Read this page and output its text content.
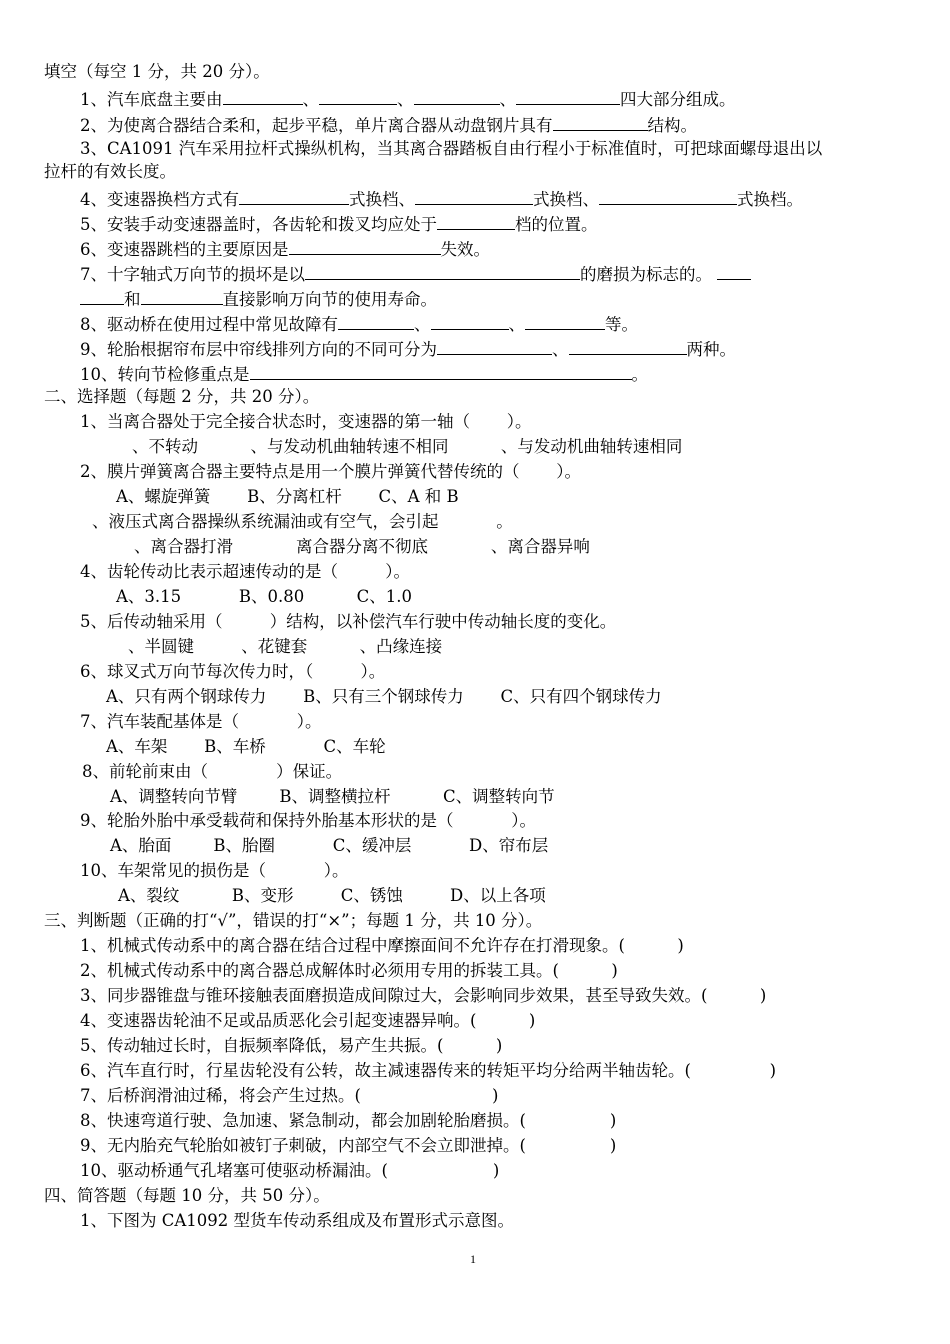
填空（每空 1 分，共 20 分）。
1、汽车底盘主要由	、	、	、	四大部分组成。
2、为使离合器结合柔和，起步平稳，单片离合器从动盘钢片具有	结构。
3、CA1091 汽车采用拉杆式操纵机构，当其离合器踏板自由行程小于标准值时，可把球面螺母退出以
拉杆的有效长度。
4、变速器换档方式有	式换档、	式换档、	式换档。
5、安装手动变速器盖时，各齿轮和拨叉均应处于	档的位置。
6、变速器跳档的主要原因是	失效。
7、十字轴式万向节的损坏是以	的磨损为标志的。
和	直接影响万向节的使用寿命。
8、驱动桥在使用过程中常见故障有	、	、	等。
9、轮胎根据帘布层中帘线排列方向的不同可分为	、	两种。
10、转向节检修重点是	。
二、选择题（每题 2 分，共 20 分）。
1、当离合器处于完全接合状态时，变速器的第一轴（       ）。
、不转动          、与发动机曲轴转速不相同          、与发动机曲轴转速相同
2、膜片弹簧离合器主要特点是用一个膜片弹簧代替传统的（       ）。
A、螺旋弹簧       B、分离杠杆       C、A 和 B
、液压式离合器操纵系统漏油或有空气，会引起           。
、离合器打滑            离合器分离不彻底            、离合器异响
4、齿轮传动比表示超速传动的是（         ）。
A、3.15           B、0.80          C、1.0
5、后传动轴采用（         ）结构，以补偿汽车行驶中传动轴长度的变化。
、半圆键         、花键套          、凸缘连接
6、球叉式万向节每次传力时，（         ）。
A、只有两个钢球传力       B、只有三个钢球传力       C、只有四个钢球传力
7、汽车装配基体是（           ）。
A、车架       B、车桥           C、车轮
8、前轮前束由（             ）保证。
A、调整转向节臂        B、调整横拉杆          C、调整转向节
9、轮胎外胎中承受载荷和保持外胎基本形状的是（           ）。
A、胎面        B、胎圈           C、缓冲层           D、帘布层
10、车架常见的损伤是（           ）。
A、裂纹          B、变形         C、锈蚀         D、以上各项
三、判断题（正确的打“√”，错误的打“×”；每题 1 分，共 10 分）。
1、机械式传动系中的离合器在结合过程中摩擦面间不允许存在打滑现象。(          )
2、机械式传动系中的离合器总成解体时必须用专用的拆装工具。(          )
3、同步器锥盘与锥环接触表面磨损造成间隙过大，会影响同步效果，甚至导致失效。(          )
4、变速器齿轮油不足或品质恶化会引起变速器异响。(          )
5、传动轴过长时，自振频率降低，易产生共振。(          )
6、汽车直行时，行星齿轮没有公转，故主减速器传来的转矩平均分给两半轴齿轮。(               )
7、后桥润滑油过稀，将会产生过热。(                         )
8、快速弯道行驶、急加速、紧急制动，都会加剧轮胎磨损。(                )
9、无内胎充气轮胎如被钉子刺破，内部空气不会立即泄掉。(                )
10、驱动桥通气孔堵塞可使驱动桥漏油。(                    )
四、简答题（每题 10 分，共 50 分）。
1、下图为 CA1092 型货车传动系组成及布置形式示意图。
1
